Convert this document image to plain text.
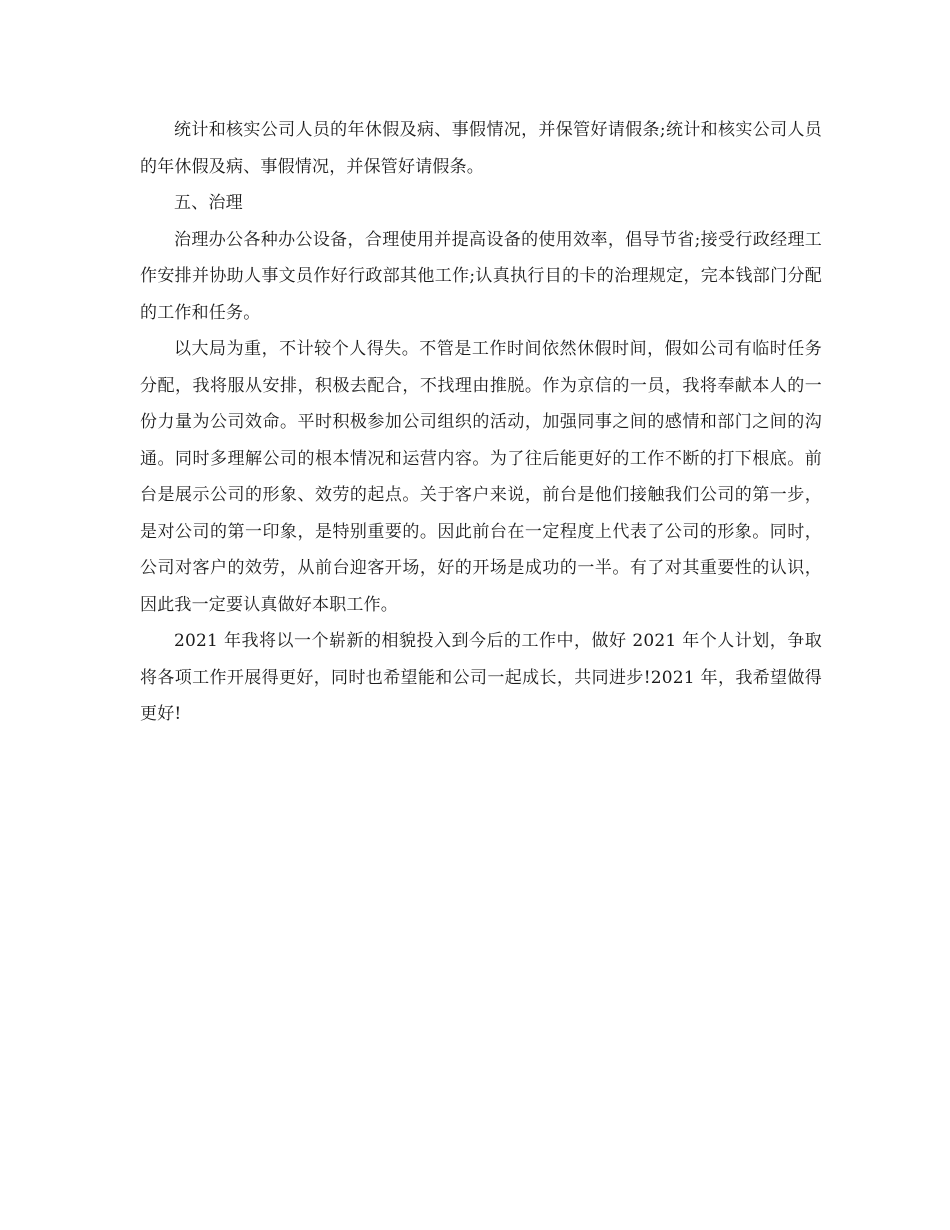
统计和核实公司人员的年休假及病、事假情况，并保管好请假条;统计和核实公司人员的年休假及病、事假情况，并保管好请假条。

五、治理

治理办公各种办公设备，合理使用并提高设备的使用效率，倡导节省;接受行政经理工作安排并协助人事文员作好行政部其他工作;认真执行目的卡的治理规定，完本钱部门分配的工作和任务。

以大局为重，不计较个人得失。不管是工作时间依然休假时间，假如公司有临时任务分配，我将服从安排，积极去配合，不找理由推脱。作为京信的一员，我将奉献本人的一份力量为公司效命。平时积极参加公司组织的活动，加强同事之间的感情和部门之间的沟通。同时多理解公司的根本情况和运营内容。为了往后能更好的工作不断的打下根底。前台是展示公司的形象、效劳的起点。关于客户来说，前台是他们接触我们公司的第一步，是对公司的第一印象，是特别重要的。因此前台在一定程度上代表了公司的形象。同时，公司对客户的效劳，从前台迎客开场，好的开场是成功的一半。有了对其重要性的认识，因此我一定要认真做好本职工作。

2021 年我将以一个崭新的相貌投入到今后的工作中，做好 2021 年个人计划，争取将各项工作开展得更好，同时也希望能和公司一起成长，共同进步!2021 年，我希望做得更好!
